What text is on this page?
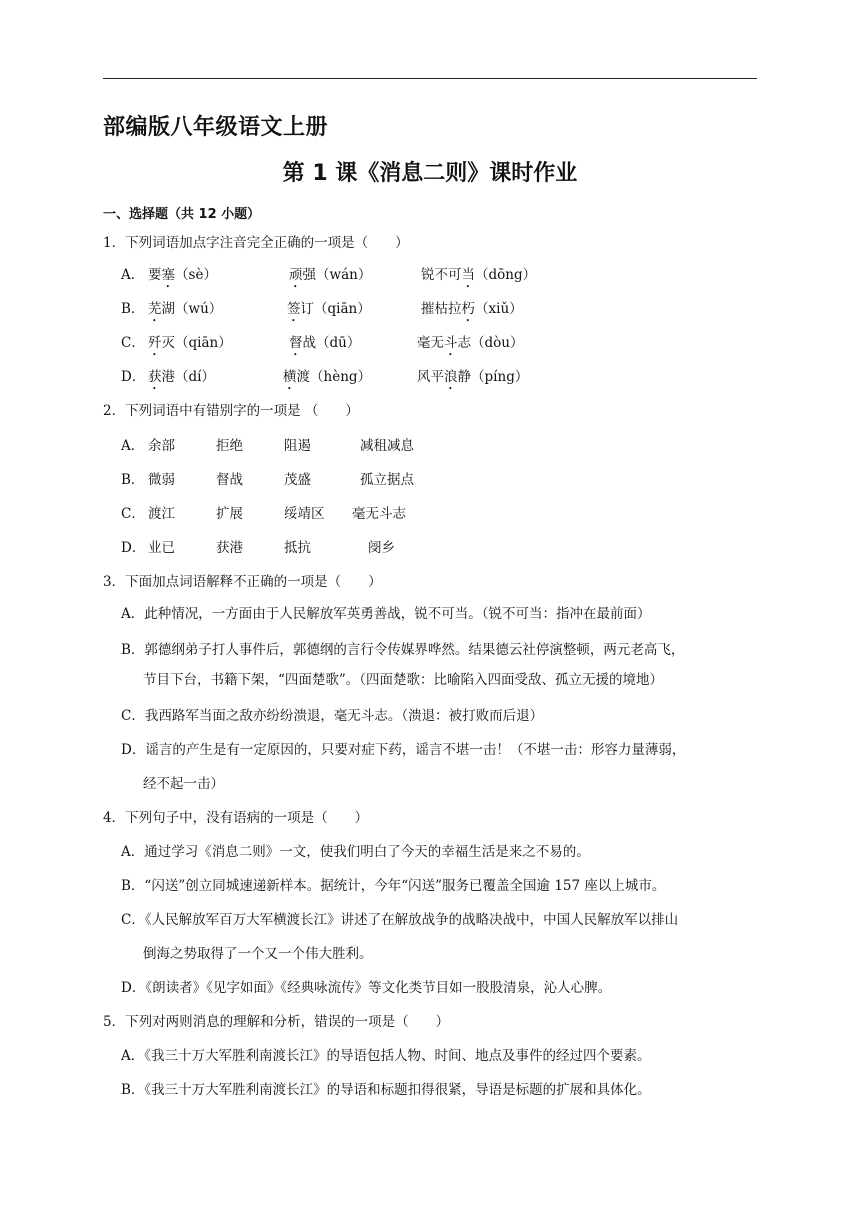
部编版八年级语文上册
第 1 课《消息二则》课时作业
一、选择题（共 12 小题）
1．下列词语加点字注音完全正确的一项是（　　）
A． 要塞（sè）	顽强（wán）	锐不可当（dōng）
B． 芜湖（wú）	签订（qiān）	摧枯拉朽（xiǔ）
C． 歼灭（qiān）	督战（dū）	毫无斗志（dòu）
D． 获港（dí）	横渡（hèng）	风平浪静（píng）
2．下列词语中有错别字的一项是 （　　）
A． 余部	拒绝	阻遏	减租减息
B． 微弱	督战	茂盛	孤立据点
C． 渡江	扩展	绥靖区 毫无斗志
D． 业已	获港	抵抗	阌乡
3．下面加点词语解释不正确的一项是（　　）
A．此种情况，一方面由于人民解放军英勇善战，锐不可当。（锐不可当：指冲在最前面）
B．郭德纲弟子打人事件后，郭德纲的言行令传媒界哗然。结果德云社停演整顿，两元老高飞，
节目下台，书籍下架，“四面楚歌”。（四面楚歌：比喻陷入四面受敌、孤立无援的境地）
C．我西路军当面之敌亦纷纷溃退，毫无斗志。（溃退：被打败而后退）
D．谣言的产生是有一定原因的，只要对症下药，谣言不堪一击！（不堪一击：形容力量薄弱，
经不起一击）
4．下列句子中，没有语病的一项是（　　）
A．通过学习《消息二则》一文，使我们明白了今天的幸福生活是来之不易的。
B．“闪送”创立同城速递新样本。据统计，今年“闪送”服务已覆盖全国逾 157 座以上城市。
C．《人民解放军百万大军横渡长江》讲述了在解放战争的战略决战中，中国人民解放军以排山
倒海之势取得了一个又一个伟大胜利。
D．《朗读者》《见字如面》《经典咏流传》等文化类节目如一股股清泉，沁人心脾。
5．下列对两则消息的理解和分析，错误的一项是（　　）
A．《我三十万大军胜利南渡长江》的导语包括人物、时间、地点及事件的经过四个要素。
B．《我三十万大军胜利南渡长江》的导语和标题扣得很紧，导语是标题的扩展和具体化。
